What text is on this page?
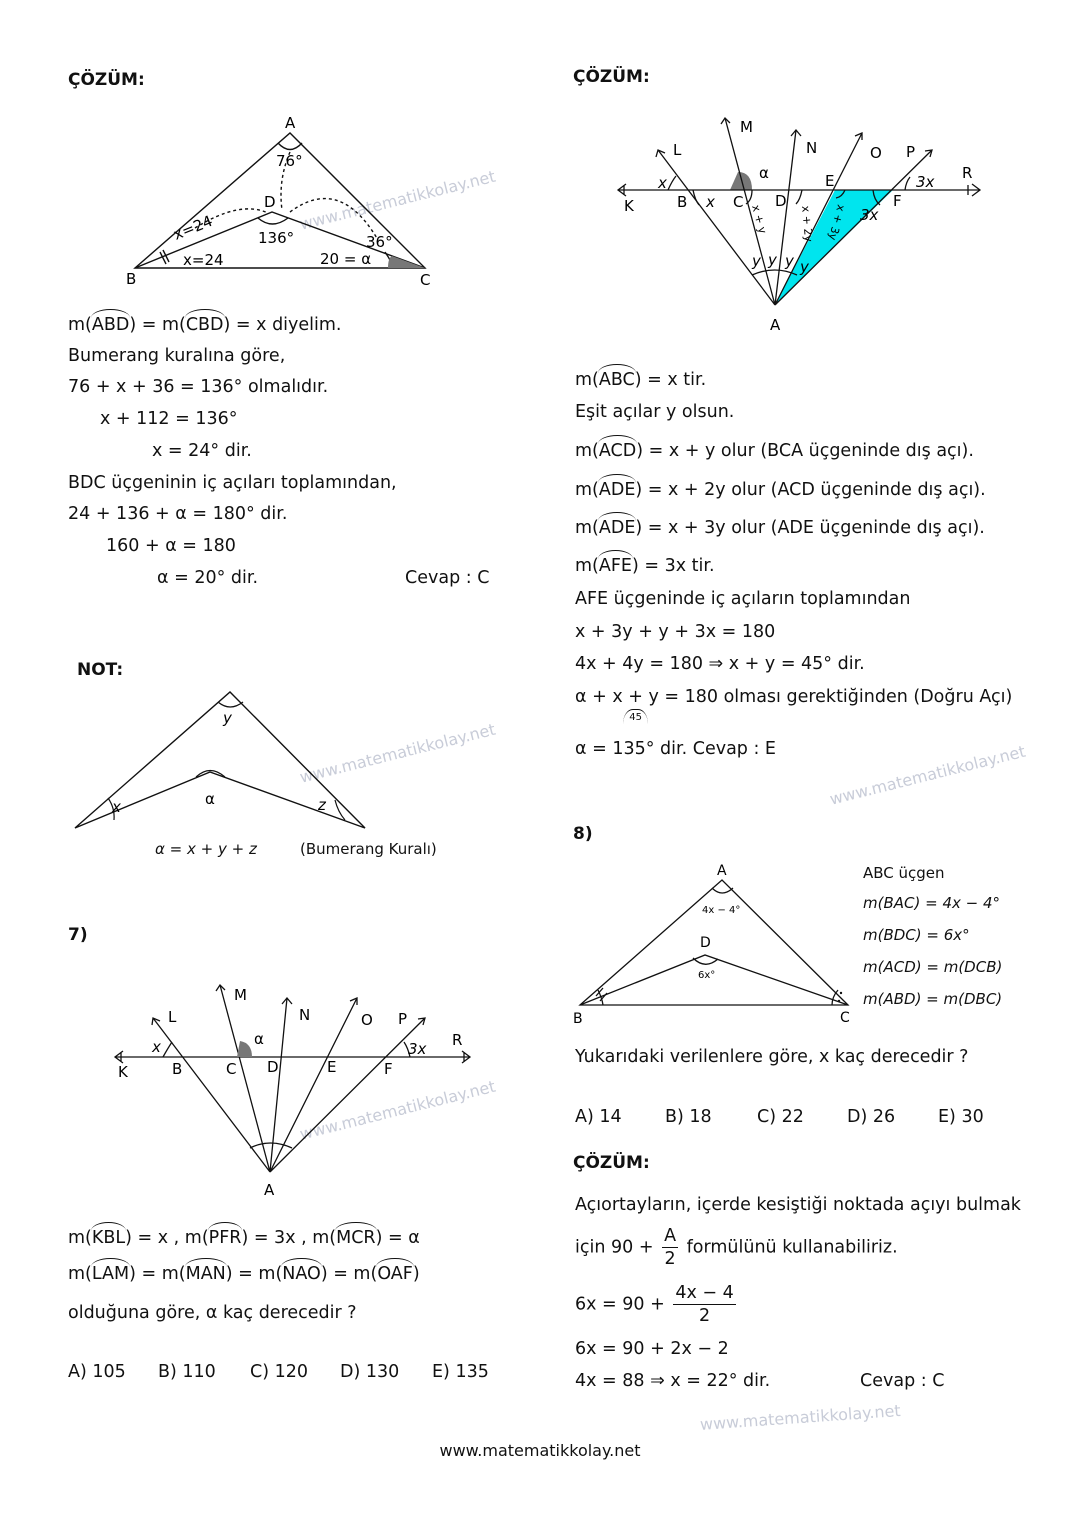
www.matematikkolay.net
www.matematikkolay.net
www.matematikkolay.net
www.matematikkolay.net
www.matematikkolay.net
ÇÖZÜM:
A
B	C
D
76°
136°	36°
x=24
x=24	20 = α
m(ABD) = m(CBD) = x diyelim.
Bumerang kuralına göre,
76 + x + 36 = 136° olmalıdır.
x + 112 = 136°
x = 24° dir.
BDC üçgeninin iç açıları toplamından,
24 + 136 + α = 180° dir.
160 + α = 180
α = 20° dir.	Cevap : C
NOT:
y
x	z
α
α = x + y + z	(Bumerang Kuralı)
7)
K
L
M
N	O P
R
B	C D	E	F
A
x	α
3x
m(KBL) = x , m(PFR) = 3x , m(MCR) = α
m(LAM) = m(MAN) = m(NAO) = m(OAF)
olduğuna göre, α kaç derecedir ?
A) 105 B) 110 C) 120 D) 130 E) 135
ÇÖZÜM:
K
L
M
N	O P
R
B	C D
E
F
A
x
x
α	3x
3x
x + y	x + 2y x + 3y
y y y y
m(ABC) = x tir.
Eşit açılar y olsun.
m(ACD) = x + y olur (BCA üçgeninde dış açı).
m(ADE) = x + 2y olur (ACD üçgeninde dış açı).
m(ADE) = x + 3y olur (ADE üçgeninde dış açı).
m(AFE) = 3x tir.
AFE üçgeninde iç açıların toplamından
x + 3y + y + 3x = 180
4x + 4y = 180 ⇒ x + y = 45° dir.
α + x + y
45
= 180 olması gerektiğinden (Doğru Açı)
α = 135° dir. Cevap : E
8)
A
B	C
D
4x − 4°
6x°
ABC üçgen
m(BAC) = 4x − 4°
m(BDC) = 6x°
m(ACD) = m(DCB)
m(ABD) = m(DBC)
Yukarıdaki verilenlere göre, x kaç derecedir ?
A) 14 B) 18	C) 22 D) 26 E) 30
ÇÖZÜM:
Açıortayların, içerde kesiştiği noktada açıyı bulmak
için $90 + \frac{A}{2}$ formülünü kullanabiliriz.
$6x = 90 + \frac{4x - 4}{2}$
6x = 90 + 2x − 2
4x = 88 ⇒ x = 22° dir.	Cevap : C
www.matematikkolay.net
